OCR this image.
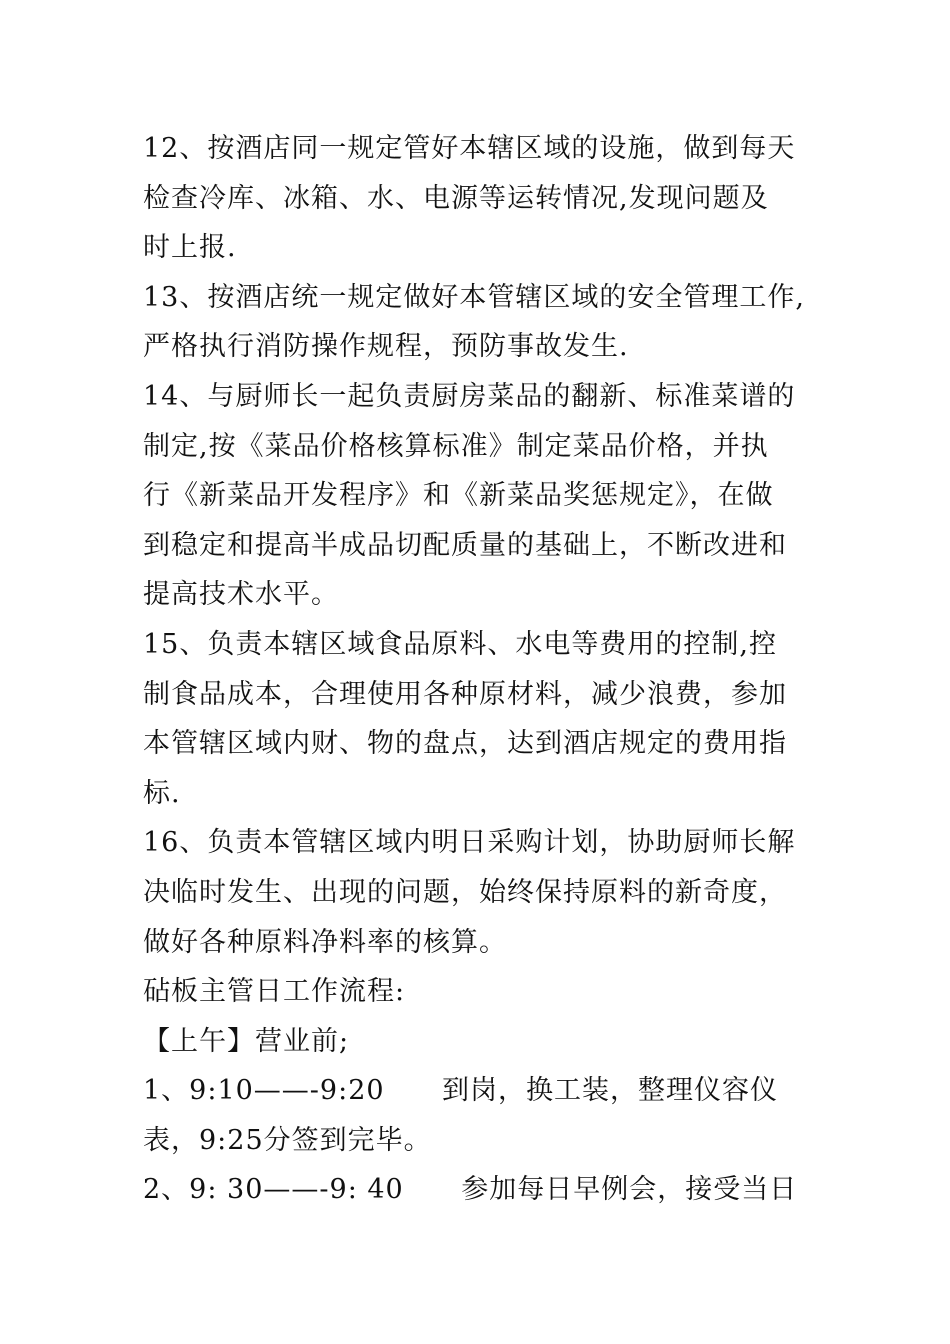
12、按酒店同一规定管好本辖区域的设施，做到每天
检查冷库、冰箱、水、电源等运转情况,发现问题及
时上报.
13、按酒店统一规定做好本管辖区域的安全管理工作,
严格执行消防操作规程，预防事故发生.
14、与厨师长一起负责厨房菜品的翻新、标准菜谱的
制定,按《菜品价格核算标准》制定菜品价格，并执
行《新菜品开发程序》和《新菜品奖惩规定》，在做
到稳定和提高半成品切配质量的基础上，不断改进和
提高技术水平。
15、负责本辖区域食品原料、水电等费用的控制,控
制食品成本，合理使用各种原材料，减少浪费，参加
本管辖区域内财、物的盘点，达到酒店规定的费用指
标.
16、负责本管辖区域内明日采购计划，协助厨师长解
决临时发生、出现的问题，始终保持原料的新奇度，
做好各种原料净料率的核算。
砧板主管日工作流程:
【上午】营业前;
1、9:10——-9:20      到岗，换工装，整理仪容仪
表，9:25分签到完毕。
2、9: 30——-9: 40      参加每日早例会，接受当日
